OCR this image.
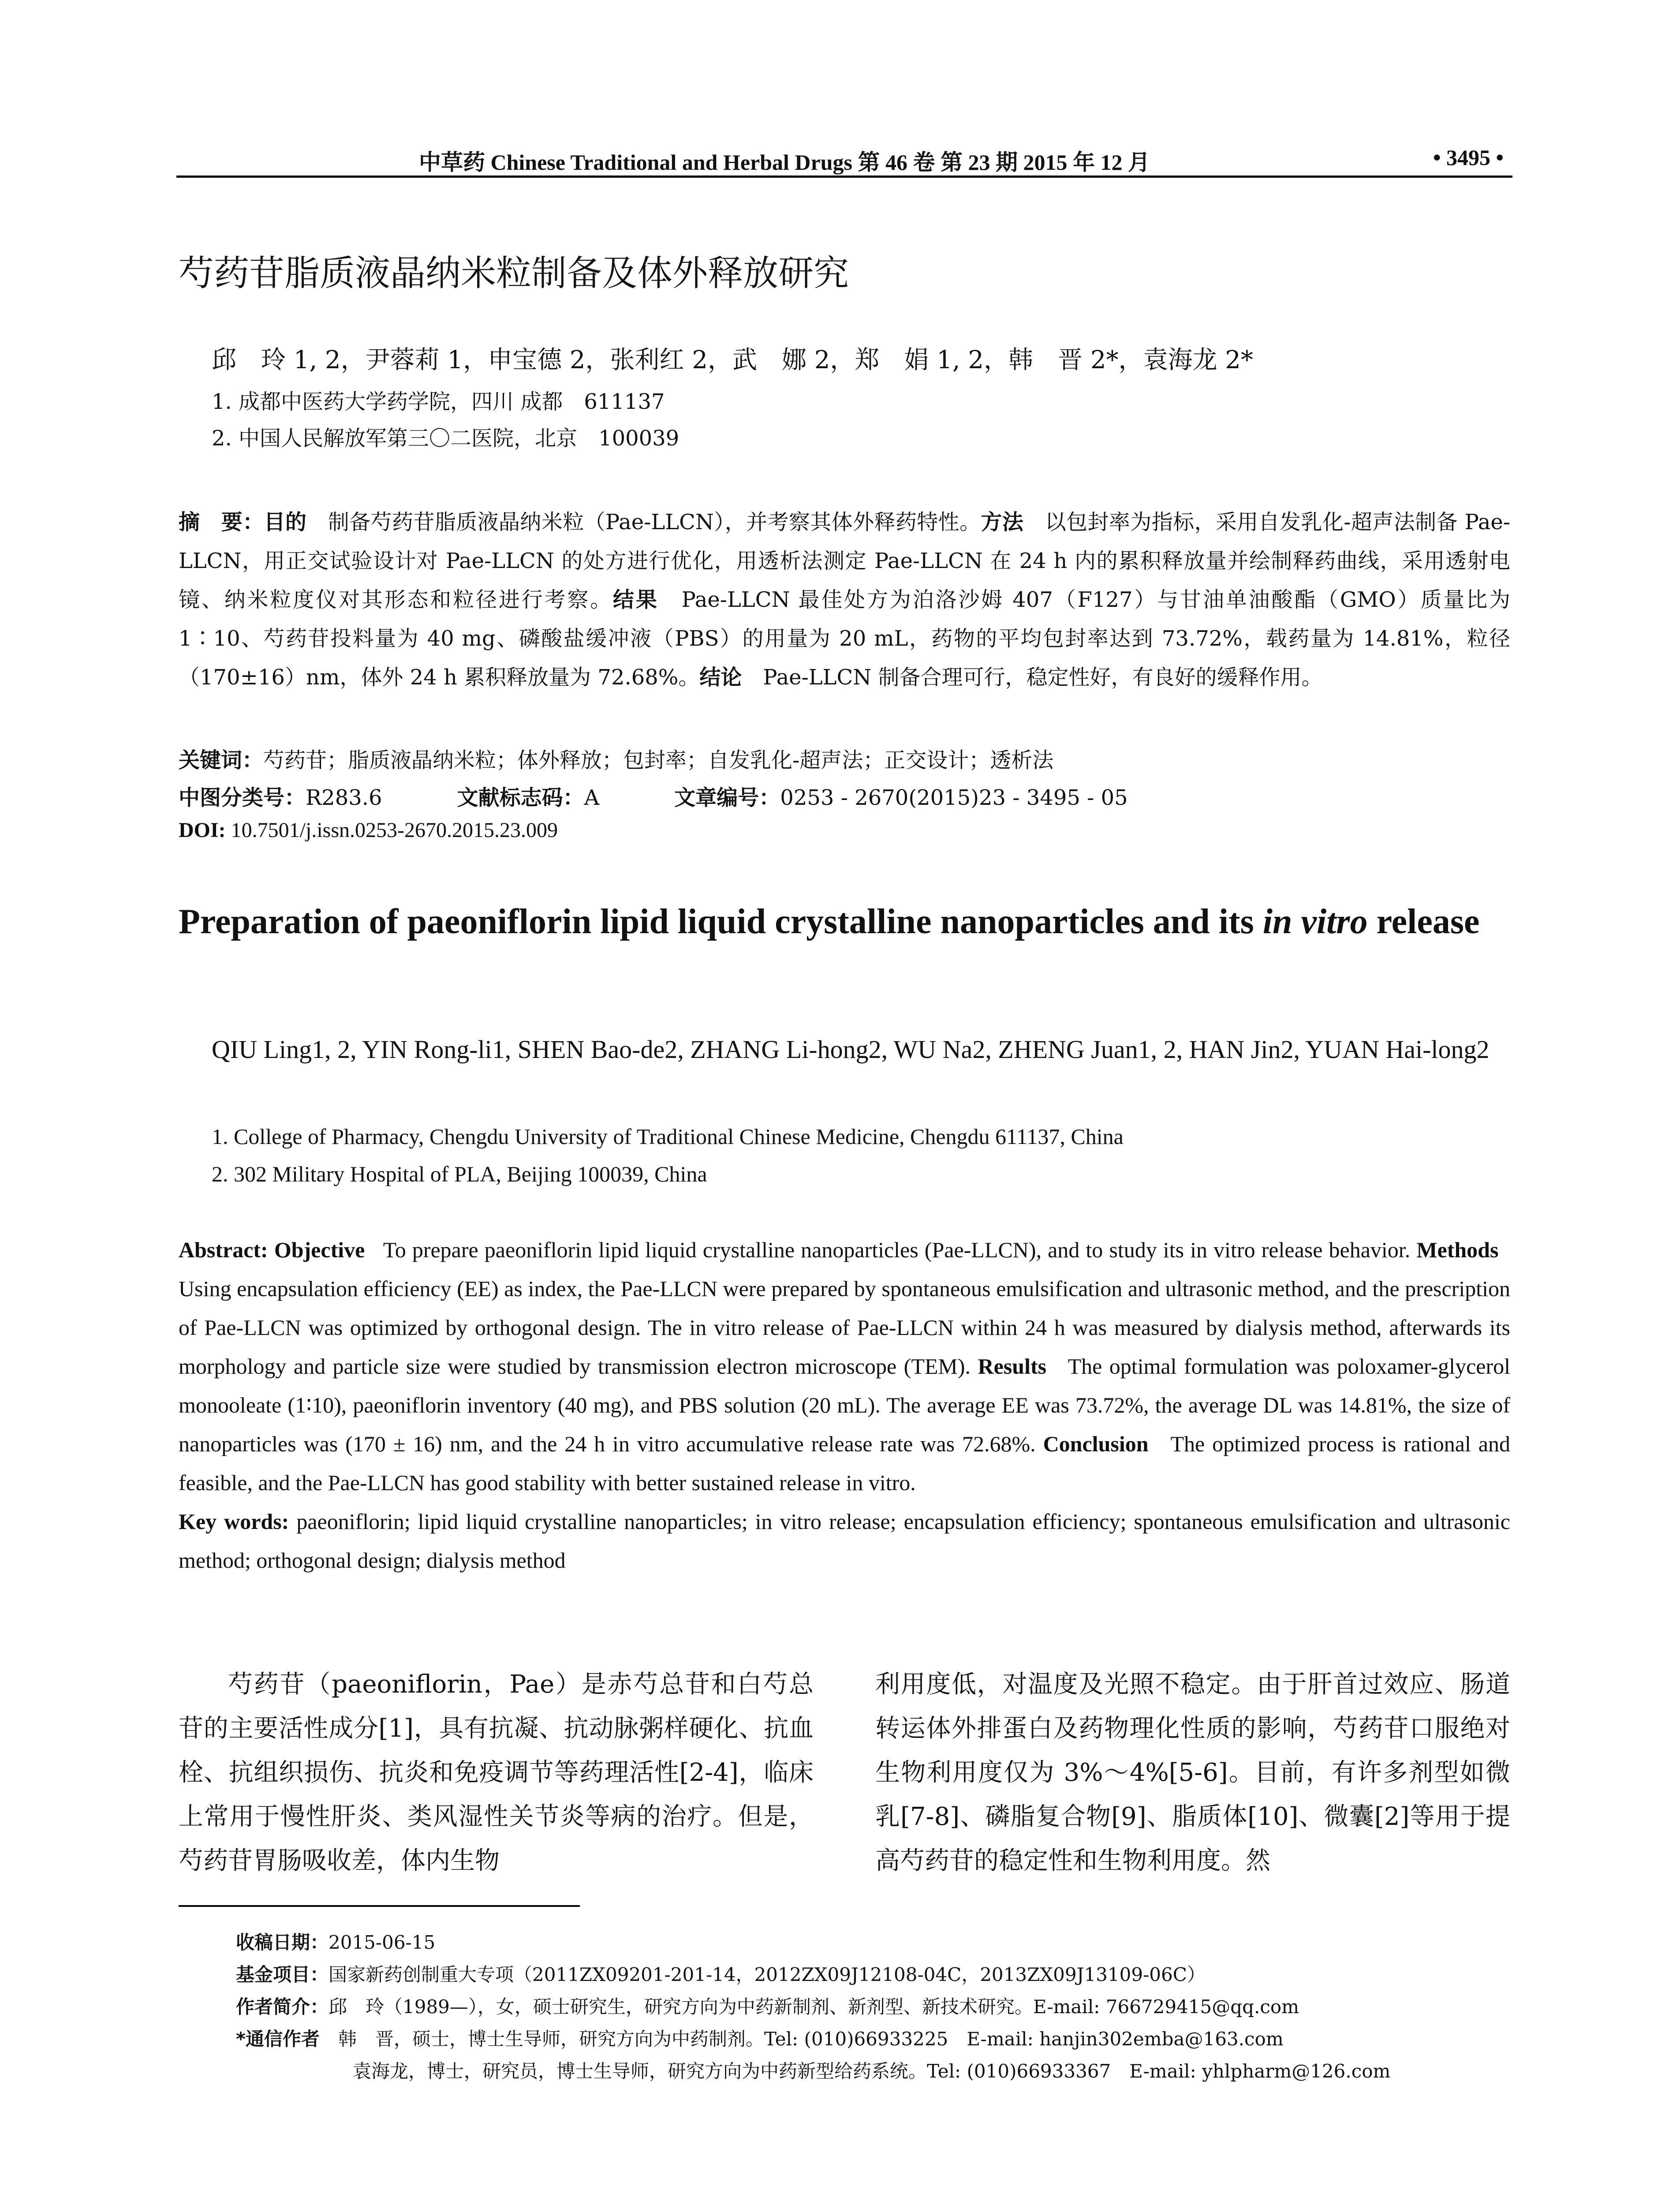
中草药 Chinese Traditional and Herbal Drugs 第 46 卷 第 23 期 2015 年 12 月	• 3495 •
芍药苷脂质液晶纳米粒制备及体外释放研究
邱　玲 1, 2，尹蓉莉 1，申宝德 2，张利红 2，武　娜 2，郑　娟 1, 2，韩　晋 2*，袁海龙 2*
1. 成都中医药大学药学院，四川 成都　611137
2. 中国人民解放军第三〇二医院，北京　100039
摘　要：目的　制备芍药苷脂质液晶纳米粒（Pae-LLCN），并考察其体外释药特性。方法　以包封率为指标，采用自发乳化-超声法制备 Pae-LLCN，用正交试验设计对 Pae-LLCN 的处方进行优化，用透析法测定 Pae-LLCN 在 24 h 内的累积释放量并绘制释药曲线，采用透射电镜、纳米粒度仪对其形态和粒径进行考察。结果　Pae-LLCN 最佳处方为泊洛沙姆 407（F127）与甘油单油酸酯（GMO）质量比为 1∶10、芍药苷投料量为 40 mg、磷酸盐缓冲液（PBS）的用量为 20 mL，药物的平均包封率达到 73.72%，载药量为 14.81%，粒径（170±16）nm，体外 24 h 累积释放量为 72.68%。结论　Pae-LLCN 制备合理可行，稳定性好，有良好的缓释作用。
关键词：芍药苷；脂质液晶纳米粒；体外释放；包封率；自发乳化-超声法；正交设计；透析法
中图分类号：R283.6	文献标志码：A	文章编号：0253 - 2670(2015)23 - 3495 - 05
DOI: 10.7501/j.issn.0253-2670.2015.23.009
Preparation of paeoniflorin lipid liquid crystalline nanoparticles and its in vitro release
QIU Ling1, 2, YIN Rong-li1, SHEN Bao-de2, ZHANG Li-hong2, WU Na2, ZHENG Juan1, 2, HAN Jin2, YUAN Hai-long2
1. College of Pharmacy, Chengdu University of Traditional Chinese Medicine, Chengdu 611137, China
2. 302 Military Hospital of PLA, Beijing 100039, China
Abstract: Objective To prepare paeoniflorin lipid liquid crystalline nanoparticles (Pae-LLCN), and to study its in vitro release behavior. Methods   Using encapsulation efficiency (EE) as index, the Pae-LLCN were prepared by spontaneous emulsification and ultrasonic method, and the prescription of Pae-LLCN was optimized by orthogonal design. The in vitro release of Pae-LLCN within 24 h was measured by dialysis method, afterwards its morphology and particle size were studied by transmission electron microscope (TEM). Results The optimal formulation was poloxamer-glycerol monooleate (1∶10), paeoniflorin inventory (40 mg), and PBS solution (20 mL). The average EE was 73.72%, the average DL was 14.81%, the size of nanoparticles was (170 ± 16) nm, and the 24 h in vitro accumulative release rate was 72.68%. Conclusion The optimized process is rational and feasible, and the Pae-LLCN has good stability with better sustained release in vitro.
Key words: paeoniflorin; lipid liquid crystalline nanoparticles; in vitro release; encapsulation efficiency; spontaneous emulsification and ultrasonic method; orthogonal design; dialysis method
芍药苷（paeoniflorin，Pae）是赤芍总苷和白芍总苷的主要活性成分[1]，具有抗凝、抗动脉粥样硬化、抗血栓、抗组织损伤、抗炎和免疫调节等药理活性[2-4]，临床上常用于慢性肝炎、类风湿性关节炎等病的治疗。但是，芍药苷胃肠吸收差，体内生物
利用度低，对温度及光照不稳定。由于肝首过效应、肠道转运体外排蛋白及药物理化性质的影响，芍药苷口服绝对生物利用度仅为 3%～4%[5-6]。目前，有许多剂型如微乳[7-8]、磷脂复合物[9]、脂质体[10]、微囊[2]等用于提高芍药苷的稳定性和生物利用度。然
收稿日期：2015-06-15
基金项目：国家新药创制重大专项（2011ZX09201-201-14，2012ZX09J12108-04C，2013ZX09J13109-06C）
作者简介：邱　玲（1989—），女，硕士研究生，研究方向为中药新制剂、新剂型、新技术研究。E-mail: 766729415@qq.com
*通信作者　韩　晋，硕士，博士生导师，研究方向为中药制剂。Tel: (010)66933225　E-mail: hanjin302emba@163.com
袁海龙，博士，研究员，博士生导师，研究方向为中药新型给药系统。Tel: (010)66933367　E-mail: yhlpharm@126.com
